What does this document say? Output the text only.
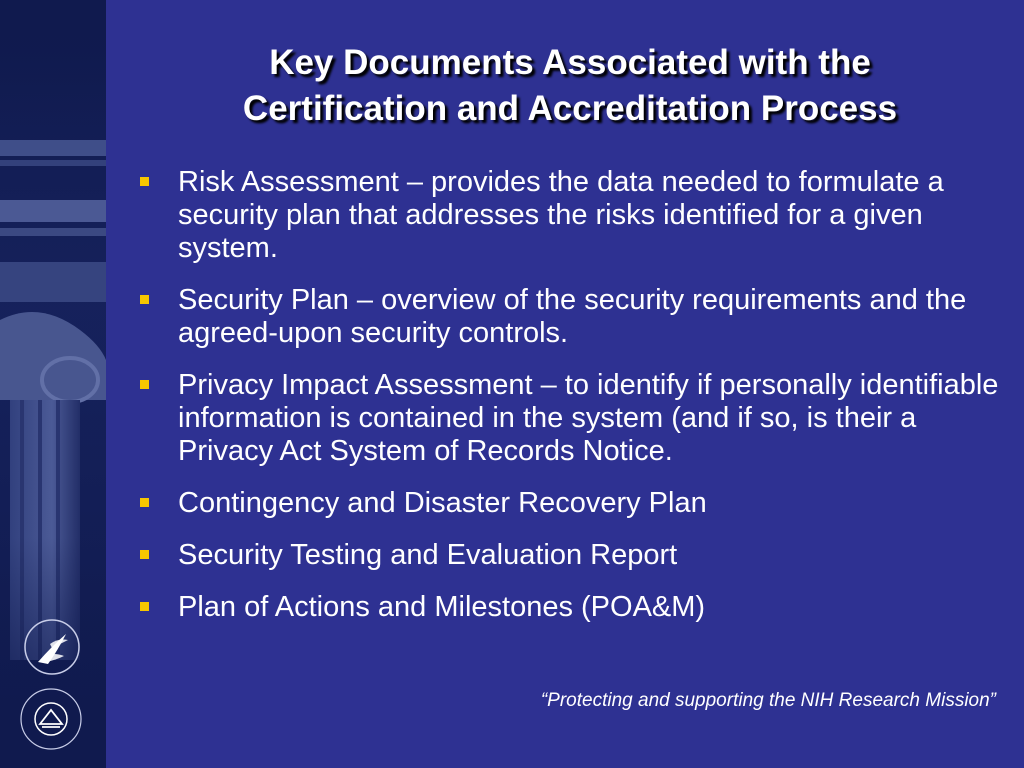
Key Documents Associated with the
Certification and Accreditation Process
Risk Assessment – provides the data needed to formulate a security plan that addresses the risks identified for a given system.
Security Plan – overview of the security requirements and the agreed-upon security controls.
Privacy Impact Assessment – to identify if personally identifiable information is contained in the system (and if so, is their a Privacy Act System of Records Notice.
Contingency and Disaster Recovery Plan
Security Testing and Evaluation Report
Plan of Actions and Milestones (POA&M)
“Protecting and supporting the NIH Research Mission”
